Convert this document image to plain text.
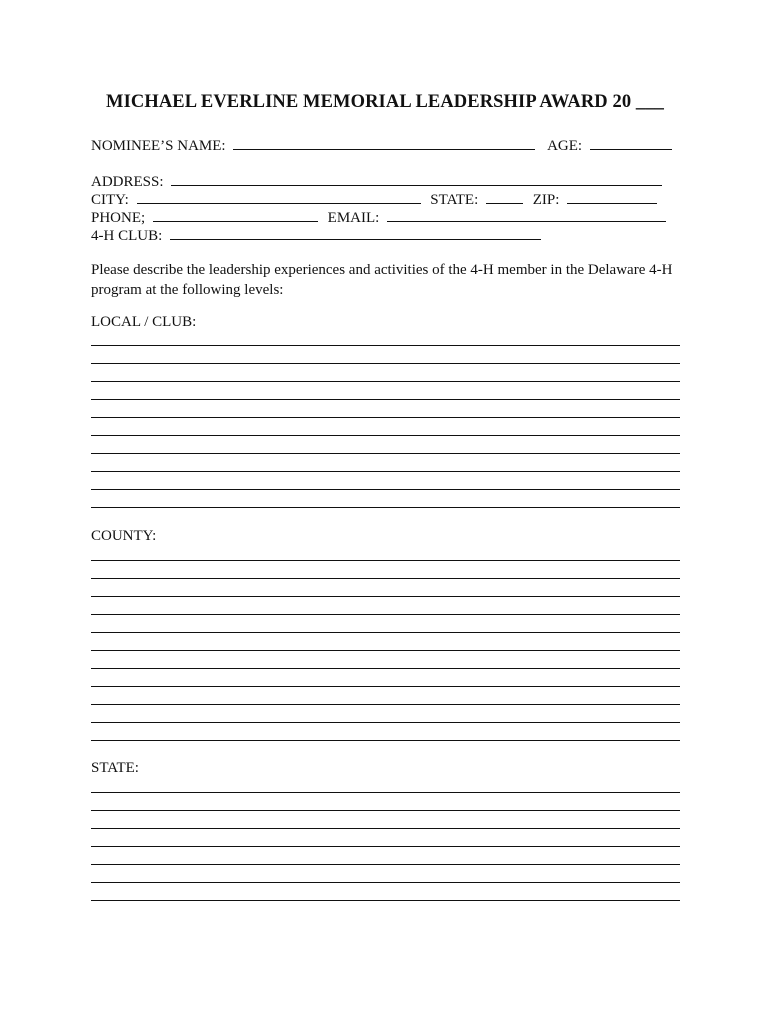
MICHAEL EVERLINE MEMORIAL LEADERSHIP AWARD 20 ___
NOMINEE’S NAME:	AGE:
ADDRESS:
CITY:	STATE:	ZIP:
PHONE;	EMAIL:
4-H CLUB:
Please describe the leadership experiences and activities of the 4-H member in the Delaware 4-H program at the following levels:
LOCAL / CLUB:
COUNTY:
STATE:
